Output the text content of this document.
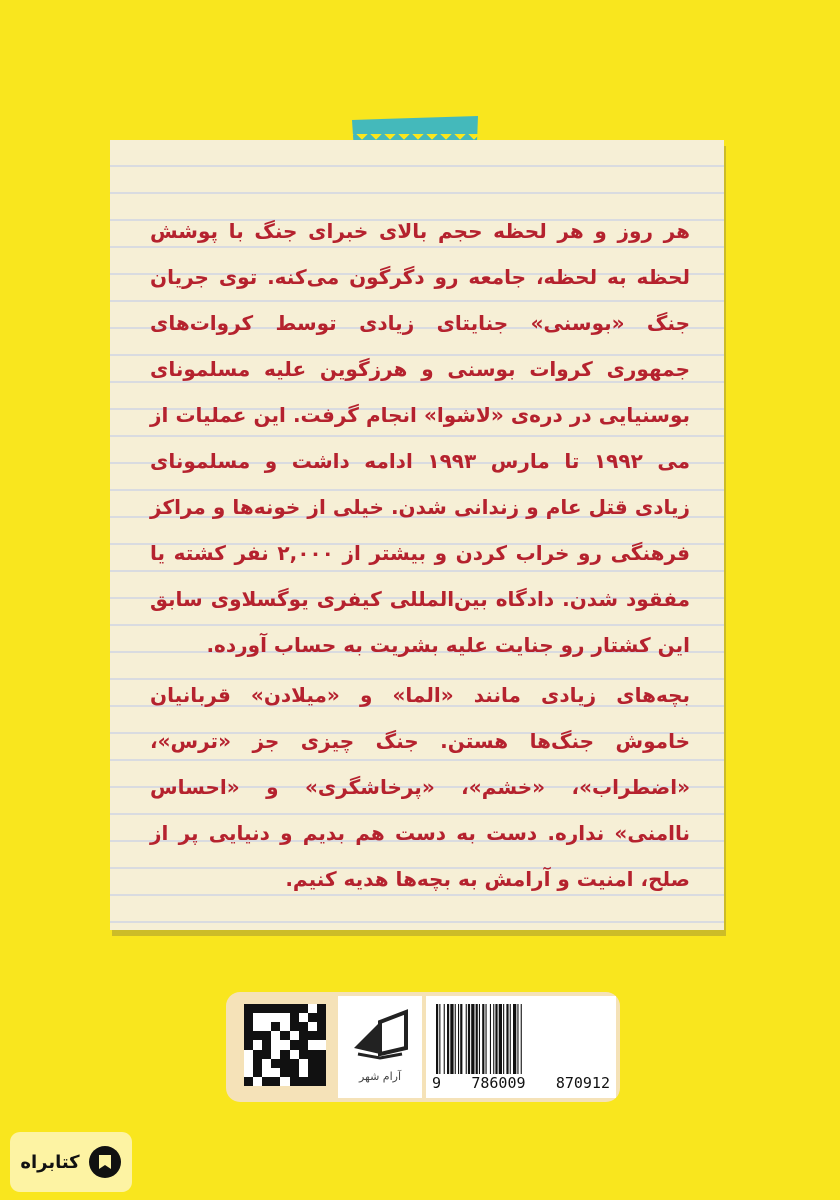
هر روز و هر لحظه حجم بالای خبرای جنگ با پوشش لحظه به لحظه، جامعه رو دگرگون می‌کنه. توی جریان جنگ «بوسنی» جنایتای زیادی توسط کروات‌های جمهوری کروات بوسنی و هرزگوین علیه مسلمونای بوسنیایی در دره‌ی «لاشوا» انجام گرفت. این عملیات از می ۱۹۹۲ تا مارس ۱۹۹۳ ادامه داشت و مسلمونای زیادی قتل عام و زندانی شدن. خیلی از خونه‌ها و مراکز فرهنگی رو خراب کردن و بیشتر از ۲,۰۰۰ نفر کشته یا مفقود شدن. دادگاه بین‌المللی کیفری یوگسلاوی سابق این کشتار رو جنایت علیه بشریت به حساب آورده.

بچه‌های زیادی مانند «الما» و «میلادن» قربانیان خاموش جنگ‌ها هستن. جنگ چیزی جز «ترس»، «اضطراب»، «خشم»، «پرخاشگری» و «احساس ناامنی» نداره. دست به دست هم بدیم و دنیایی پر از صلح، امنیت و آرامش به بچه‌ها هدیه کنیم.

آرام شهر	9 786009 870912
کتابراه
